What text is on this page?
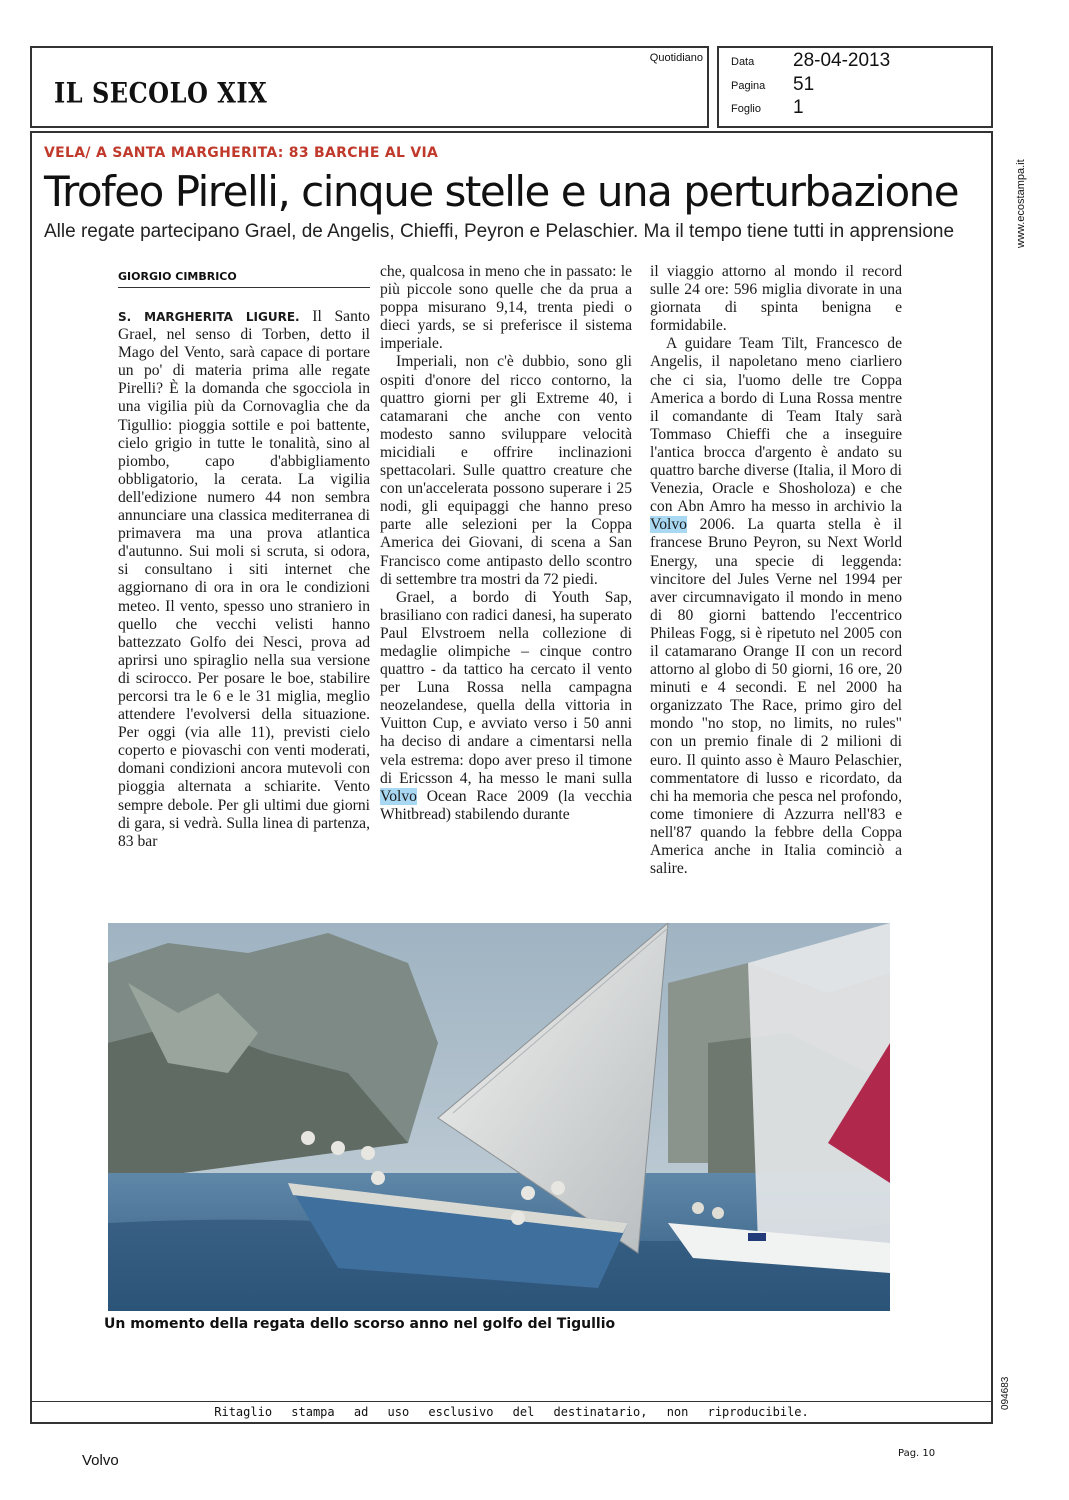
IL SECOLO XIX
Quotidiano	Data 28-04-2013
Pagina 51
Foglio 1
VELA/ A SANTA MARGHERITA: 83 BARCHE AL VIA
Trofeo Pirelli, cinque stelle e una perturbazione
Alle regate partecipano Grael, de Angelis, Chieffi, Peyron e Pelaschier. Ma il tempo tiene tutti in apprensione
GIORGIO CIMBRICO

S. MARGHERITA LIGURE. Il Santo Grael, nel senso di Torben, detto il Mago del Vento, sarà capace di portare un po' di materia prima alle regate Pirelli? È la domanda che sgocciola in una vigilia più da Cornovaglia che da Tigullio: pioggia sottile e poi battente, cielo grigio in tutte le tonalità, sino al piombo, capo d'abbigliamento obbligatorio, la cerata. La vigilia dell'edizione numero 44 non sembra annunciare una classica mediterranea di primavera ma una prova atlantica d'autunno. Sui moli si scruta, si odora, si consultano i siti internet che aggiornano di ora in ora le condizioni meteo. Il vento, spesso uno straniero in quello che vecchi velisti hanno battezzato Golfo dei Nesci, prova ad aprirsi uno spiraglio nella sua versione di scirocco. Per posare le boe, stabilire percorsi tra le 6 e le 31 miglia, meglio attendere l'evolversi della situazione. Per oggi (via alle 11), previsti cielo coperto e piovaschi con venti moderati, domani condizioni ancora mutevoli con pioggia alternata a schiarite. Vento sempre debole. Per gli ultimi due giorni di gara, si vedrà. Sulla linea di partenza, 83 bar

che, qualcosa in meno che in passato: le più piccole sono quelle che da prua a poppa misurano 9,14, trenta piedi o dieci yards, se si preferisce il sistema imperiale.

Imperiali, non c'è dubbio, sono gli ospiti d'onore del ricco contorno, la quattro giorni per gli Extreme 40, i catamarani che anche con vento modesto sanno sviluppare velocità micidiali e offrire inclinazioni spettacolari. Sulle quattro creature che con un'accelerata possono superare i 25 nodi, gli equipaggi che hanno preso parte alle selezioni per la Coppa America dei Giovani, di scena a San Francisco come antipasto dello scontro di settembre tra mostri da 72 piedi.

Grael, a bordo di Youth Sap, brasiliano con radici danesi, ha superato Paul Elvstroem nella collezione di medaglie olimpiche – cinque contro quattro - da tattico ha cercato il vento per Luna Rossa nella campagna neozelandese, quella della vittoria in Vuitton Cup, e avviato verso i 50 anni ha deciso di andare a cimentarsi nella vela estrema: dopo aver preso il timone di Ericsson 4, ha messo le mani sulla Volvo Ocean Race 2009 (la vecchia Whitbread) stabilendo durante

il viaggio attorno al mondo il record sulle 24 ore: 596 miglia divorate in una giornata di spinta benigna e formidabile.

A guidare Team Tilt, Francesco de Angelis, il napoletano meno ciarliero che ci sia, l'uomo delle tre Coppa America a bordo di Luna Rossa mentre il comandante di Team Italy sarà Tommaso Chieffi che a inseguire l'antica brocca d'argento è andato su quattro barche diverse (Italia, il Moro di Venezia, Oracle e Shosholoza) e che con Abn Amro ha messo in archivio la Volvo 2006. La quarta stella è il francese Bruno Peyron, su Next World Energy, una specie di leggenda: vincitore del Jules Verne nel 1994 per aver circumnavigato il mondo in meno di 80 giorni battendo l'eccentrico Phileas Fogg, si è ripetuto nel 2005 con il catamarano Orange II con un record attorno al globo di 50 giorni, 16 ore, 20 minuti e 4 secondi. E nel 2000 ha organizzato The Race, primo giro del mondo "no stop, no limits, no rules" con un premio finale di 2 milioni di euro. Il quinto asso è Mauro Pelaschier, commentatore di lusso e ricordato, da chi ha memoria che pesca nel profondo, come timoniere di Azzurra nell'83 e nell'87 quando la febbre della Coppa America anche in Italia cominciò a salire.

Un momento della regata dello scorso anno nel golfo del Tigullio
Ritaglio stampa ad uso esclusivo del destinatario, non riproducibile.
www.ecostampa.it
094683
Volvo	Pag. 10
